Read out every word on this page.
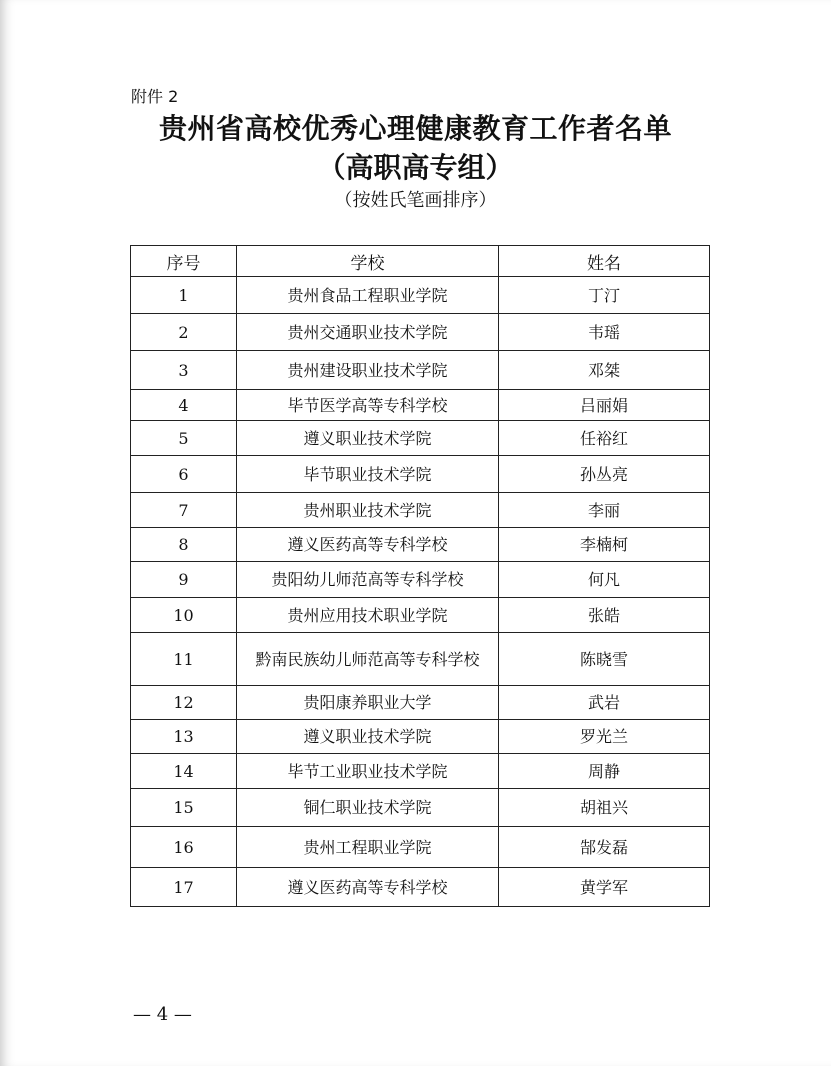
附件 2
贵州省高校优秀心理健康教育工作者名单
（高职高专组）
（按姓氏笔画排序）
序号	学校	姓名
1	贵州食品工程职业学院	丁汀
2	贵州交通职业技术学院	韦瑶
3	贵州建设职业技术学院	邓桀
4	毕节医学高等专科学校	吕丽娟
5	遵义职业技术学院	任裕红
6	毕节职业技术学院	孙丛亮
7	贵州职业技术学院	李丽
8	遵义医药高等专科学校	李楠柯
9	贵阳幼儿师范高等专科学校	何凡
10	贵州应用技术职业学院	张皓
11	黔南民族幼儿师范高等专科学校	陈晓雪
12	贵阳康养职业大学	武岩
13	遵义职业技术学院	罗光兰
14	毕节工业职业技术学院	周静
15	铜仁职业技术学院	胡祖兴
16	贵州工程职业学院	郜发磊
17	遵义医药高等专科学校	黄学军
— 4 —
